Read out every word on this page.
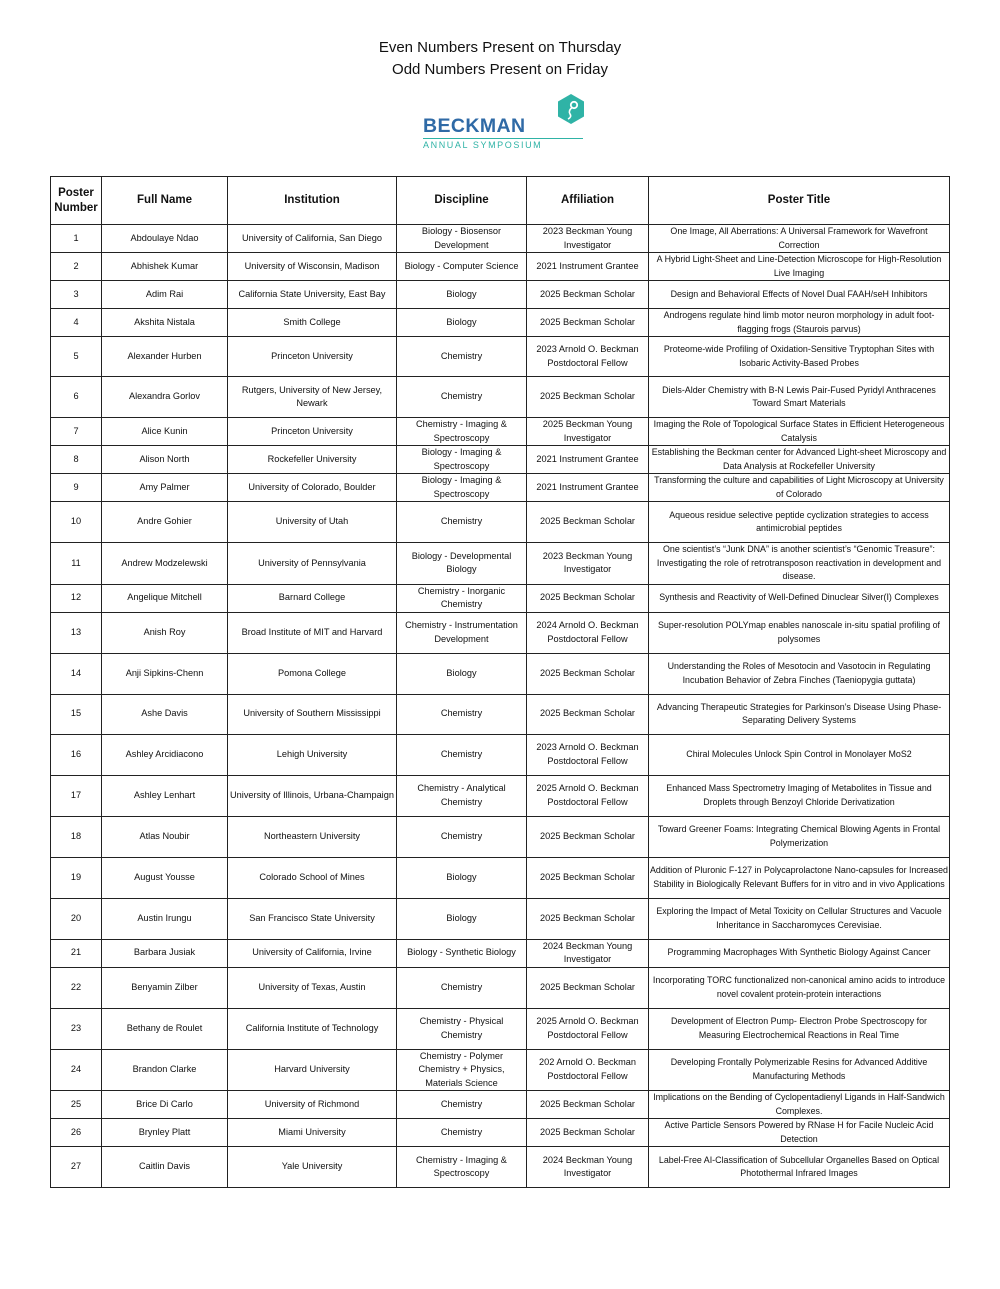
Even Numbers Present on Thursday
Odd Numbers Present on Friday
BECKMAN
ANNUAL SYMPOSIUM
Poster Number	Full Name	Institution	Discipline	Affiliation	Poster Title
1	Abdoulaye Ndao	University of California, San Diego	Biology - Biosensor Development	2023 Beckman Young Investigator	One Image, All Aberrations: A Universal Framework for Wavefront Correction
2	Abhishek Kumar	University of Wisconsin, Madison	Biology - Computer Science	2021 Instrument Grantee	A Hybrid Light-Sheet and Line-Detection Microscope for High-Resolution Live Imaging
3	Adim Rai	California State University, East Bay	Biology	2025 Beckman Scholar	Design and Behavioral Effects of Novel Dual FAAH/seH Inhibitors
4	Akshita Nistala	Smith College	Biology	2025 Beckman Scholar	Androgens regulate hind limb motor neuron morphology in adult foot-flagging frogs (Staurois parvus)
5	Alexander Hurben	Princeton University	Chemistry	2023 Arnold O. Beckman Postdoctoral Fellow	Proteome-wide Profiling of Oxidation-Sensitive Tryptophan Sites with Isobaric Activity-Based Probes
6	Alexandra Gorlov	Rutgers, University of New Jersey, Newark	Chemistry	2025 Beckman Scholar	Diels-Alder Chemistry with B-N Lewis Pair-Fused Pyridyl Anthracenes Toward Smart Materials
7	Alice Kunin	Princeton University	Chemistry - Imaging & Spectroscopy	2025 Beckman Young Investigator	Imaging the Role of Topological Surface States in Efficient Heterogeneous Catalysis
8	Alison North	Rockefeller University	Biology - Imaging & Spectroscopy	2021 Instrument Grantee	Establishing the Beckman center for Advanced Light-sheet Microscopy and Data Analysis at Rockefeller University
9	Amy Palmer	University of Colorado, Boulder	Biology - Imaging & Spectroscopy	2021 Instrument Grantee	Transforming the culture and capabilities of Light Microscopy at University of Colorado
10	Andre Gohier	University of Utah	Chemistry	2025 Beckman Scholar	Aqueous residue selective peptide cyclization strategies to access antimicrobial peptides
11	Andrew Modzelewski	University of Pennsylvania	Biology - Developmental Biology	2023 Beckman Young Investigator	One scientist’s “Junk DNA” is another scientist’s “Genomic Treasure”: Investigating the role of retrotransposon reactivation in development and disease.
12	Angelique Mitchell	Barnard College	Chemistry - Inorganic Chemistry	2025 Beckman Scholar	Synthesis and Reactivity of Well-Defined Dinuclear Silver(I) Complexes
13	Anish Roy	Broad Institute of MIT and Harvard	Chemistry - Instrumentation Development	2024 Arnold O. Beckman Postdoctoral Fellow	Super-resolution POLYmap enables nanoscale in-situ spatial profiling of polysomes
14	Anji Sipkins-Chenn	Pomona College	Biology	2025 Beckman Scholar	Understanding the Roles of Mesotocin and Vasotocin in Regulating Incubation Behavior of Zebra Finches (Taeniopygia guttata)
15	Ashe Davis	University of Southern Mississippi	Chemistry	2025 Beckman Scholar	Advancing Therapeutic Strategies for Parkinson’s Disease Using Phase-Separating Delivery Systems
16	Ashley Arcidiacono	Lehigh University	Chemistry	2023 Arnold O. Beckman Postdoctoral Fellow	Chiral Molecules Unlock Spin Control in Monolayer MoS2
17	Ashley Lenhart	University of Illinois, Urbana-Champaign	Chemistry - Analytical Chemistry	2025 Arnold O. Beckman Postdoctoral Fellow	Enhanced Mass Spectrometry Imaging of Metabolites in Tissue and Droplets through Benzoyl Chloride Derivatization
18	Atlas Noubir	Northeastern University	Chemistry	2025 Beckman Scholar	Toward Greener Foams: Integrating Chemical Blowing Agents in Frontal Polymerization
19	August Yousse	Colorado School of Mines	Biology	2025 Beckman Scholar	Addition of Pluronic F-127 in Polycaprolactone Nano-capsules for Increased Stability in Biologically Relevant Buffers for in vitro and in vivo Applications
20	Austin Irungu	San Francisco State University	Biology	2025 Beckman Scholar	Exploring the Impact of Metal Toxicity on Cellular Structures and Vacuole Inheritance in Saccharomyces Cerevisiae.
21	Barbara Jusiak	University of California, Irvine	Biology - Synthetic Biology	2024 Beckman Young Investigator	Programming Macrophages With Synthetic Biology Against Cancer
22	Benyamin Zilber	University of Texas, Austin	Chemistry	2025 Beckman Scholar	Incorporating TORC functionalized non-canonical amino acids to introduce novel covalent protein-protein interactions
23	Bethany de Roulet	California Institute of Technology	Chemistry - Physical Chemistry	2025 Arnold O. Beckman Postdoctoral Fellow	Development of Electron Pump- Electron Probe Spectroscopy for Measuring Electrochemical Reactions in Real Time
24	Brandon Clarke	Harvard University	Chemistry - Polymer Chemistry + Physics, Materials Science	202 Arnold O. Beckman Postdoctoral Fellow	Developing Frontally Polymerizable Resins for Advanced Additive Manufacturing Methods
25	Brice Di Carlo	University of Richmond	Chemistry	2025 Beckman Scholar	Implications on the Bending of Cyclopentadienyl Ligands in Half-Sandwich Complexes.
26	Brynley Platt	Miami University	Chemistry	2025 Beckman Scholar	Active Particle Sensors Powered by RNase H for Facile Nucleic Acid Detection
27	Caitlin Davis	Yale University	Chemistry - Imaging & Spectroscopy	2024 Beckman Young Investigator	Label-Free AI-Classification of Subcellular Organelles Based on Optical Photothermal Infrared Images
